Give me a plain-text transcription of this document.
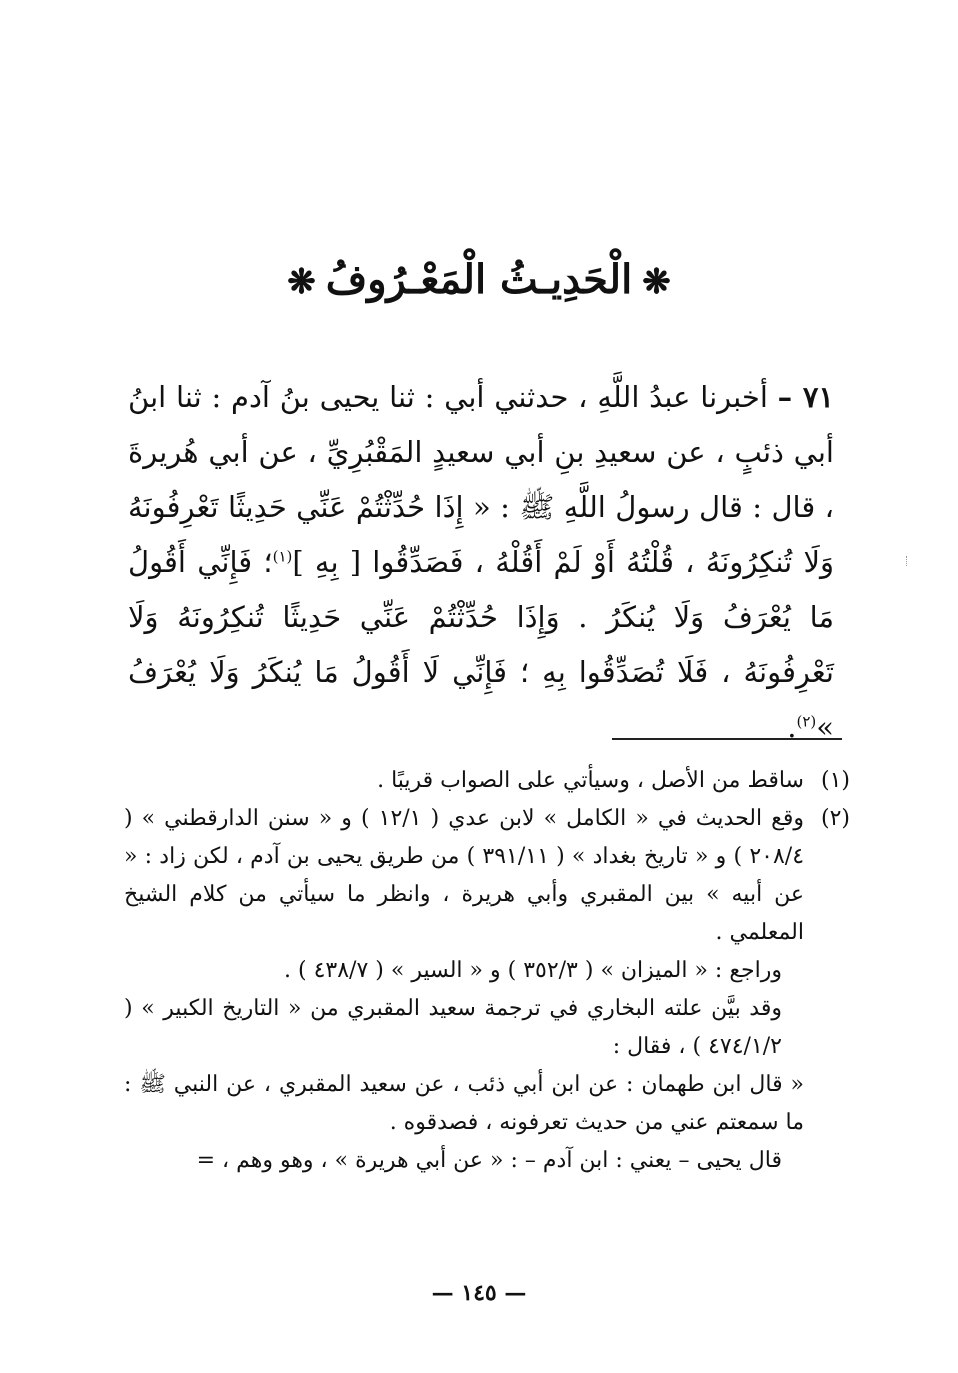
❋الْحَدِيـثُ الْمَعْـرُوفُ❋
٧١ – أخبرنا عبدُ اللَّهِ ، حدثني أبي : ثنا يحيى بنُ آدم : ثنا ابنُ أبي ذئبٍ ، عن سعيدِ بنِ أبي سعيدٍ المَقْبُرِيِّ ، عن أبي هُريرةَ ، قال : قال رسولُ اللَّهِ ﷺ : « إِذَا حُدِّثْتُمْ عَنِّي حَدِيثًا تَعْرِفُونَهُ وَلَا تُنكِرُونَهُ ، قُلْتُهُ أَوْ لَمْ أَقُلْهُ ، فَصَدِّقُوا [ بِهِ ]$^{(١)}$؛ فَإِنِّي أَقُولُ مَا يُعْرَفُ وَلَا يُنكَرُ . وَإِذَا حُدِّثْتُمْ عَنِّي حَدِيثًا تُنكِرُونَهُ وَلَا تَعْرِفُونَهُ ، فَلَا تُصَدِّقُوا بِهِ ؛ فَإِنِّي لَا أَقُولُ مَا يُنكَرُ وَلَا يُعْرَفُ »$^{(٢)}$.
(١)

ساقط من الأصل ، وسيأتي على الصواب قريبًا .

(٢)

وقع الحديث في « الكامل » لابن عدي ( ١٢/١ ) و « سنن الدارقطني » ( ٢٠٨/٤ ) و « تاريخ بغداد » ( ٣٩١/١١ ) من طريق يحيى بن آدم ، لكن زاد : « عن أبيه » بين المقبري وأبي هريرة ، وانظر ما سيأتي من كلام الشيخ المعلمي .

وراجع : « الميزان » ( ٣٥٢/٣ ) و « السير » ( ٤٣٨/٧ ) .

وقد بيَّن علته البخاري في ترجمة سعيد المقبري من « التاريخ الكبير » ( ٤٧٤/١/٢ ) ، فقال :

« قال ابن طهمان : عن ابن أبي ذئب ، عن سعيد المقبري ، عن النبي ﷺ : ما سمعتم عني من حديث تعرفونه ، فصدقوه .

قال يحيى – يعني : ابن آدم – : « عن أبي هريرة » ، وهو وهم ، =

— ١٤٥ —
